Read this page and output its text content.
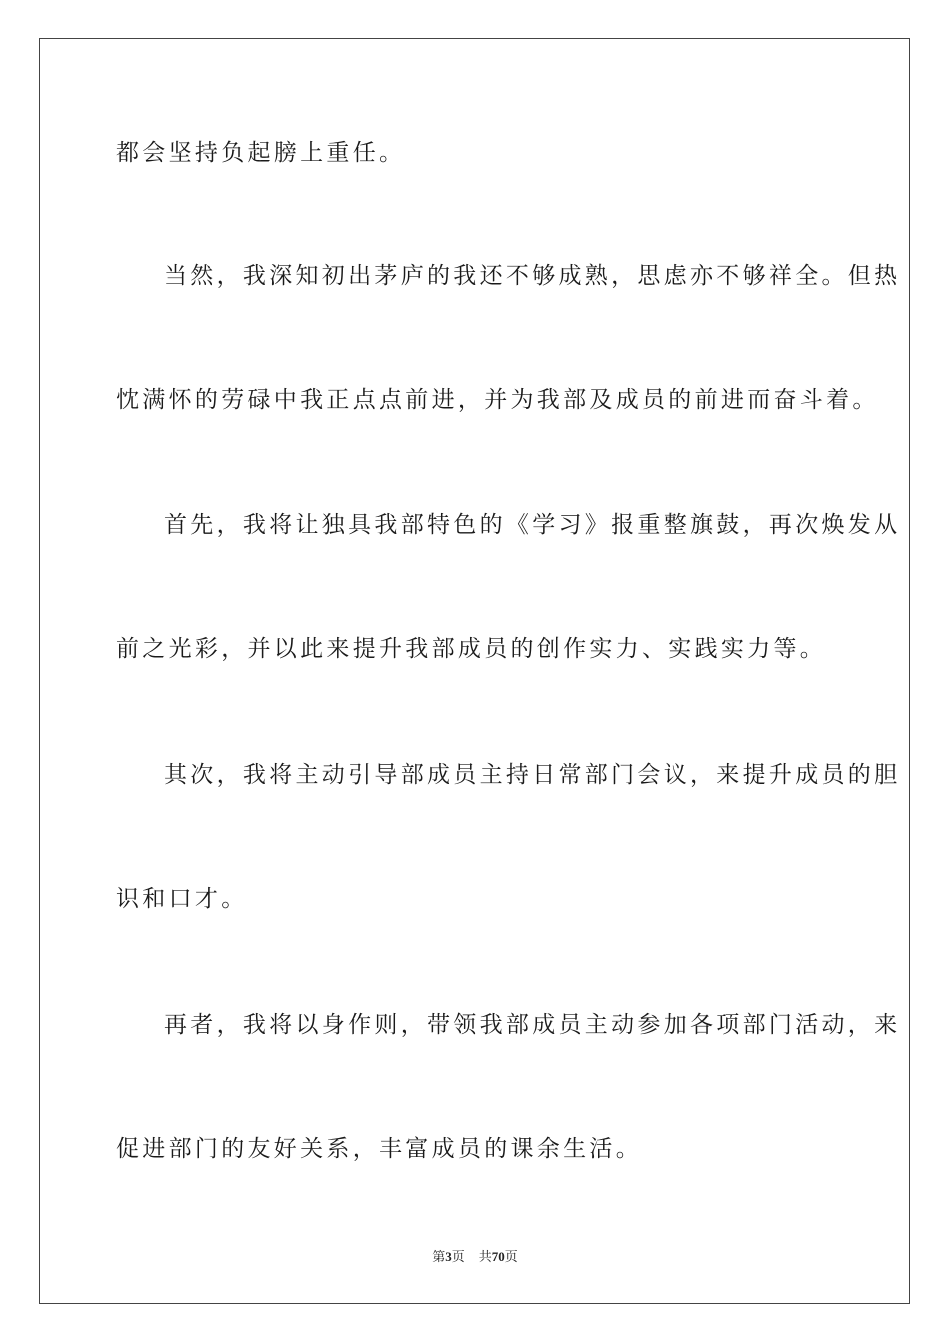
都会坚持负起膀上重任。
当然，我深知初出茅庐的我还不够成熟，思虑亦不够祥全。但热
忱满怀的劳碌中我正点点前进，并为我部及成员的前进而奋斗着。
首先，我将让独具我部特色的《学习》报重整旗鼓，再次焕发从
前之光彩，并以此来提升我部成员的创作实力、实践实力等。
其次，我将主动引导部成员主持日常部门会议，来提升成员的胆
识和口才。
再者，我将以身作则，带领我部成员主动参加各项部门活动，来
促进部门的友好关系，丰富成员的课余生活。
第3页 共70页
